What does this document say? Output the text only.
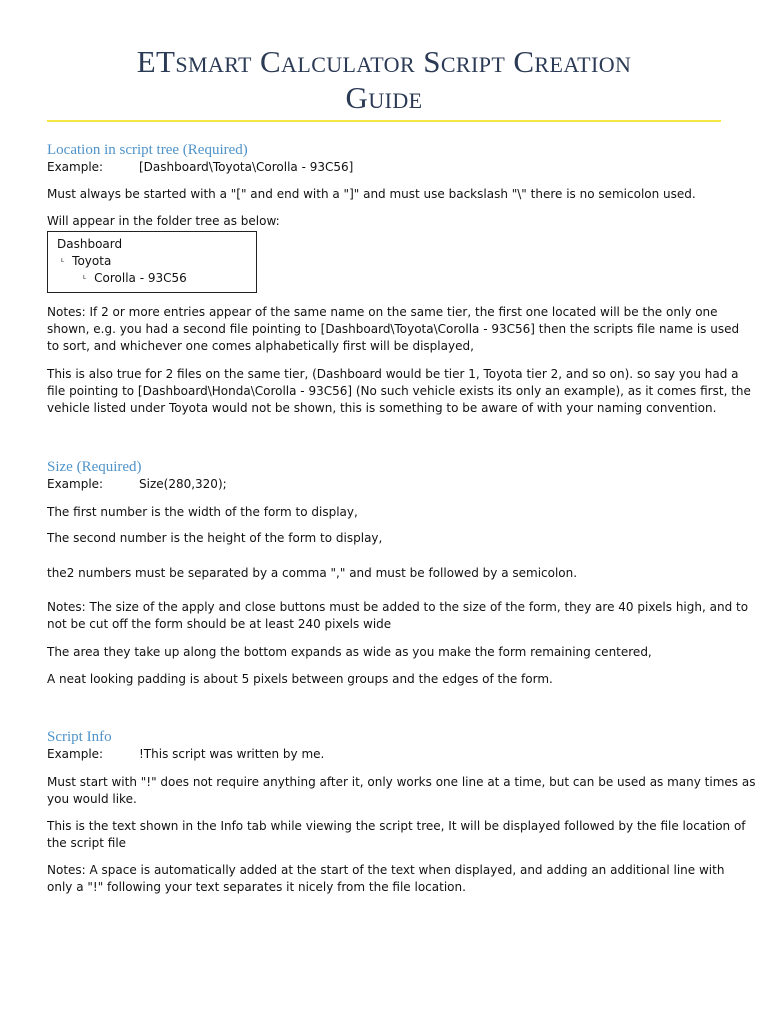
ETsmart Calculator Script Creation
Guide
Location in script tree (Required)
Example:	[Dashboard\Toyota\Corolla - 93C56]
Must always be started with a "[" and end with a "]" and must use backslash "\" there is no semicolon used.
Will appear in the folder tree as below:
Dashboard
ᴸ Toyota
ᴸ Corolla - 93C56
Notes: If 2 or more entries appear of the same name on the same tier, the first one located will be the only one
shown, e.g. you had a second file pointing to [Dashboard\Toyota\Corolla - 93C56] then the scripts file name is used
to sort, and whichever one comes alphabetically first will be displayed,
This is also true for 2 files on the same tier, (Dashboard would be tier 1, Toyota tier 2, and so on). so say you had a
file pointing to [Dashboard\Honda\Corolla - 93C56] (No such vehicle exists its only an example), as it comes first, the
vehicle listed under Toyota would not be shown, this is something to be aware of with your naming convention.
Size (Required)
Example:	Size(280,320);
The first number is the width of the form to display,
The second number is the height of the form to display,
the2 numbers must be separated by a comma "," and must be followed by a semicolon.
Notes: The size of the apply and close buttons must be added to the size of the form, they are 40 pixels high, and to
not be cut off the form should be at least 240 pixels wide
The area they take up along the bottom expands as wide as you make the form remaining centered,
A neat looking padding is about 5 pixels between groups and the edges of the form.
Script Info
Example:	!This script was written by me.
Must start with "!" does not require anything after it, only works one line at a time, but can be used as many times as
you would like.
This is the text shown in the Info tab while viewing the script tree, It will be displayed followed by the file location of
the script file
Notes: A space is automatically added at the start of the text when displayed, and adding an additional line with
only a "!" following your text separates it nicely from the file location.
